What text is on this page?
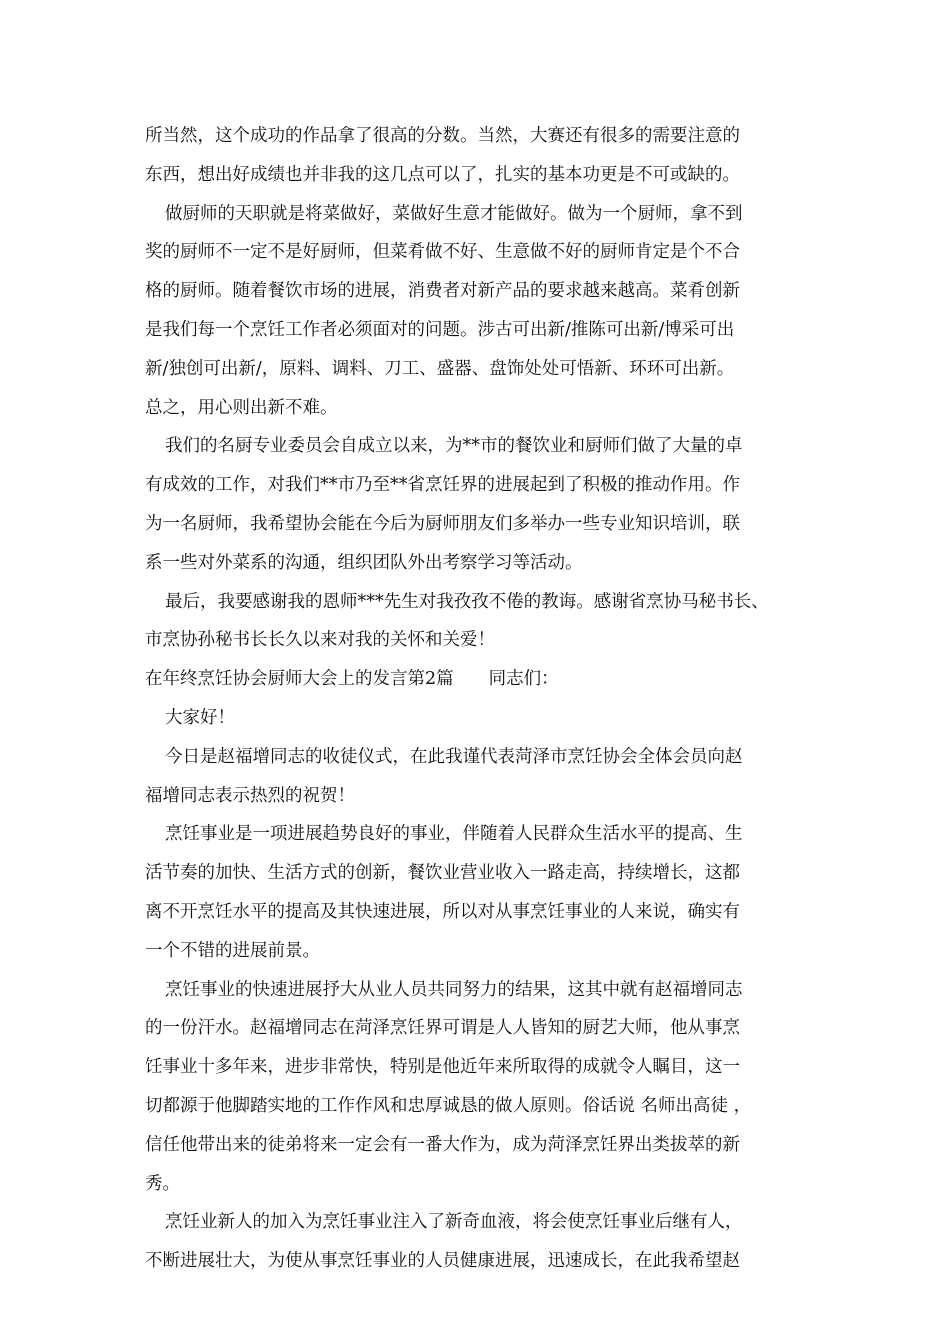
所当然，这个成功的作品拿了很高的分数。当然，大赛还有很多的需要注意的
东西，想出好成绩也并非我的这几点可以了，扎实的基本功更是不可或缺的。
做厨师的天职就是将菜做好，菜做好生意才能做好。做为一个厨师，拿不到
奖的厨师不一定不是好厨师，但菜肴做不好、生意做不好的厨师肯定是个不合
格的厨师。随着餐饮市场的进展，消费者对新产品的要求越来越高。菜肴创新
是我们每一个烹饪工作者必须面对的问题。涉古可出新/推陈可出新/博采可出
新/独创可出新/，原料、调料、刀工、盛器、盘饰处处可悟新、环环可出新。
总之，用心则出新不难。
我们的名厨专业委员会自成立以来，为**市的餐饮业和厨师们做了大量的卓
有成效的工作，对我们**市乃至**省烹饪界的进展起到了积极的推动作用。作
为一名厨师，我希望协会能在今后为厨师朋友们多举办一些专业知识培训，联
系一些对外菜系的沟通，组织团队外出考察学习等活动。
最后，我要感谢我的恩师***先生对我孜孜不倦的教诲。感谢省烹协马秘书长、
市烹协孙秘书长长久以来对我的关怀和关爱！
在年终烹饪协会厨师大会上的发言第2篇　　同志们：
大家好！
今日是赵福增同志的收徒仪式，在此我谨代表菏泽市烹饪协会全体会员向赵
福增同志表示热烈的祝贺！
烹饪事业是一项进展趋势良好的事业，伴随着人民群众生活水平的提高、生
活节奏的加快、生活方式的创新，餐饮业营业收入一路走高，持续增长，这都
离不开烹饪水平的提高及其快速进展，所以对从事烹饪事业的人来说，确实有
一个不错的进展前景。
烹饪事业的快速进展抒大从业人员共同努力的结果，这其中就有赵福增同志
的一份汗水。赵福增同志在菏泽烹饪界可谓是人人皆知的厨艺大师，他从事烹
饪事业十多年来，进步非常快，特别是他近年来所取得的成就令人瞩目，这一
切都源于他脚踏实地的工作作风和忠厚诚恳的做人原则。俗话说 名师出高徒 ，
信任他带出来的徒弟将来一定会有一番大作为，成为菏泽烹饪界出类拔萃的新
秀。
烹饪业新人的加入为烹饪事业注入了新奇血液，将会使烹饪事业后继有人，
不断进展壮大，为使从事烹饪事业的人员健康进展，迅速成长，在此我希望赵
